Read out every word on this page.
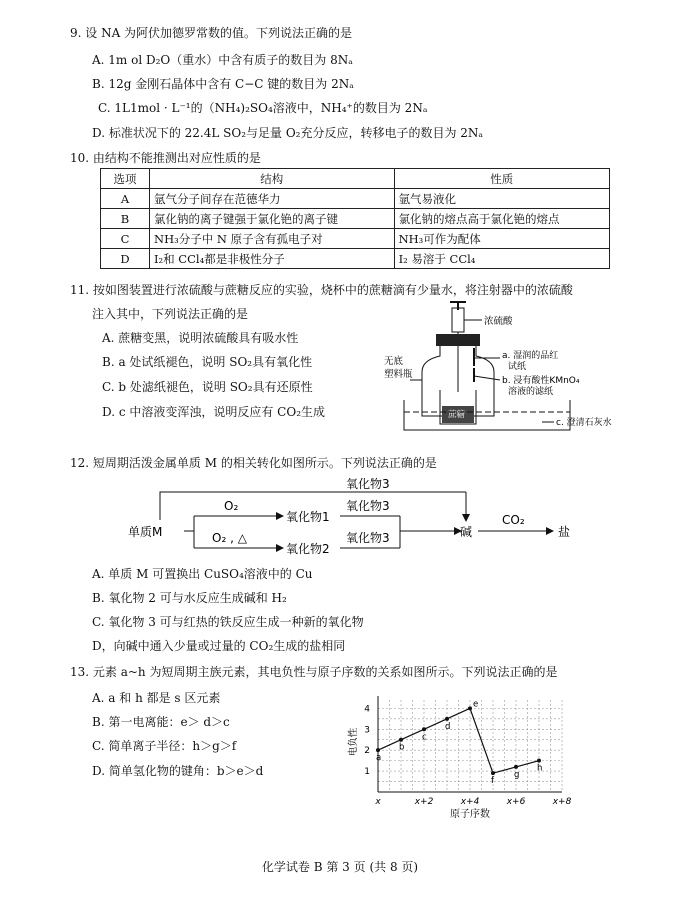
9. 设 NA 为阿伏加德罗常数的值。下列说法正确的是
A. 1m ol D₂O（重水）中含有质子的数目为 8Nₐ
B. 12g 金刚石晶体中含有 C−C 键的数目为 2Nₐ
C. 1L1mol · L⁻¹的（NH₄)₂SO₄溶液中，NH₄⁺的数目为 2Nₐ
D. 标准状况下的 22.4L SO₂与足量 O₂充分反应，转移电子的数目为 2Nₐ
10. 由结构不能推测出对应性质的是
选项	结构	性质
A	氩气分子间存在范德华力	氩气易液化
B	氯化钠的离子键强于氯化铯的离子键	氯化钠的熔点高于氯化铯的熔点
C	NH₃分子中 N 原子含有孤电子对	NH₃可作为配体
D	I₂和 CCl₄都是非极性分子	I₂ 易溶于 CCl₄
11. 按如图装置进行浓硫酸与蔗糖反应的实验，烧杯中的蔗糖滴有少量水，将注射器中的浓硫酸
注入其中，下列说法正确的是
A. 蔗糖变黑，说明浓硫酸具有吸水性
B. a 处试纸褪色，说明 SO₂具有氧化性
C. b 处滤纸褪色，说明 SO₂具有还原性
D. c 中溶液变浑浊，说明反应有 CO₂生成
浓硫酸
无底
塑料瓶
a. 湿润的品红
试纸
b. 浸有酸性KMnO₄
溶液的滤纸
蔗糖
c. 澄清石灰水
12. 短周期活泼金属单质 M 的相关转化如图所示。下列说法正确的是
氧化物3
单质M
O₂
O₂ , △
氧化物1
氧化物2
氧化物3
氧化物3	碱
CO₂
盐
A. 单质 M 可置换出 CuSO₄溶液中的 Cu
B. 氧化物 2 可与水反应生成碱和 H₂
C. 氧化物 3 可与红热的铁反应生成一种新的氧化物
D，向碱中通入少量或过量的 CO₂生成的盐相同
13. 元素 a~h 为短周期主族元素，其电负性与原子序数的关系如图所示。下列说法正确的是
A. a 和 h 都是 s 区元素
B. 第一电离能：e＞ d＞c
C. 简单离子半径：h＞g＞f
D. 简单氢化物的键角：b＞e＞d	1
2
3
4
x	x+2	x+4	x+6	x+8
a
b
c
d
e
f
g
h
电负性
原子序数
化学试卷 B 第 3 页 (共 8 页)
